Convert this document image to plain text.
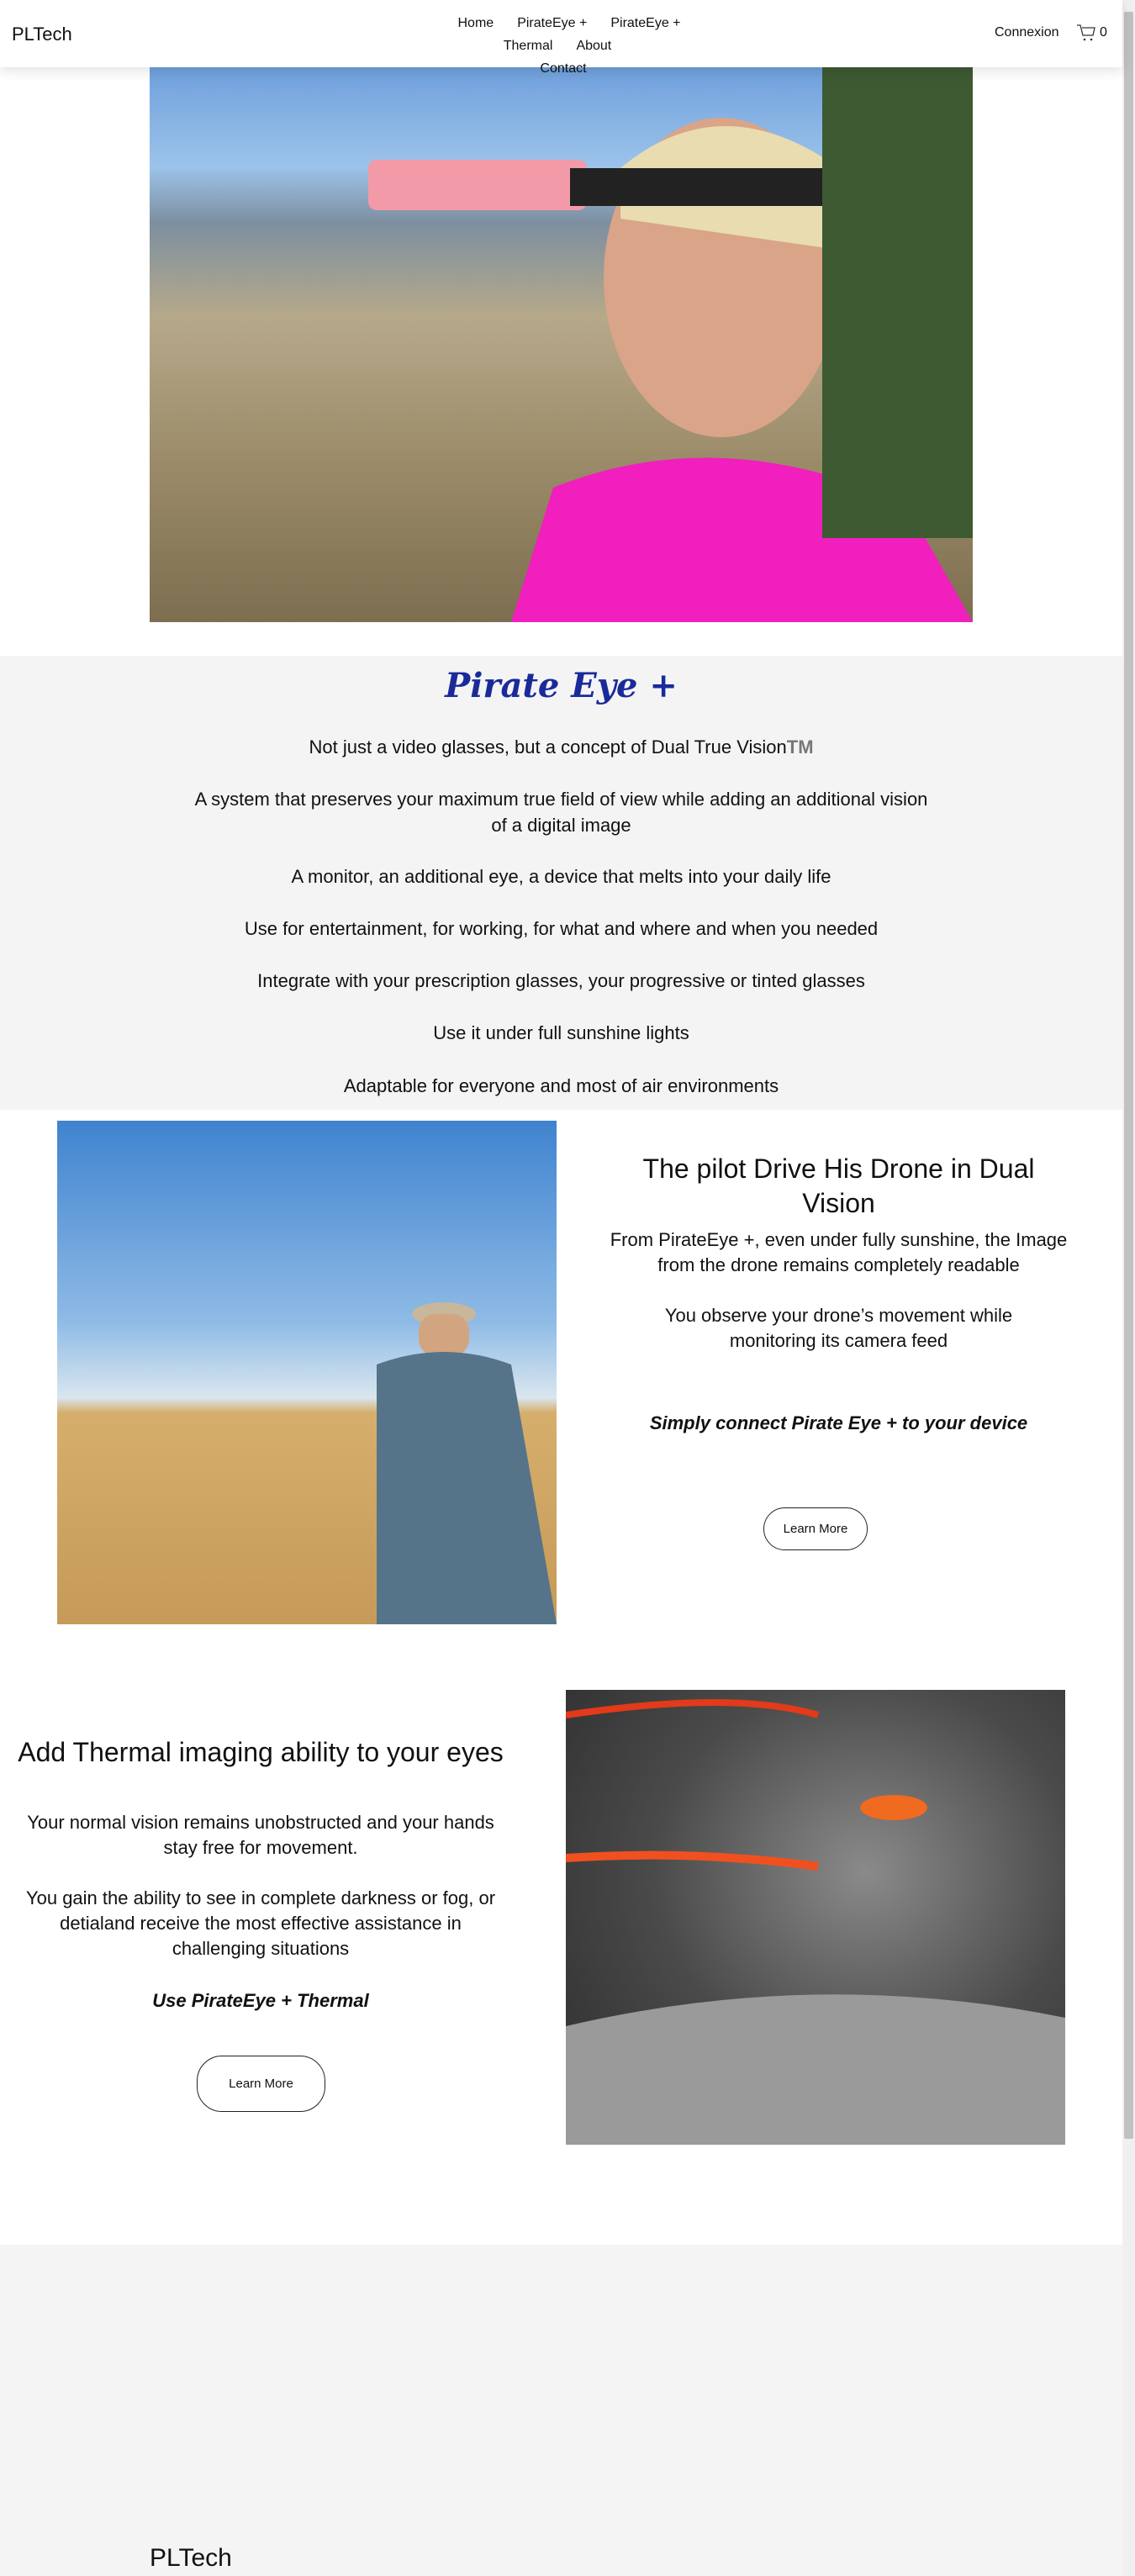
PLTech
Home PirateEye + PirateEye + Thermal About
Contact
Connexion	0
Pirate Eye +
Not just a video glasses, but a concept of Dual True VisionTM
A system that preserves your maximum true field of view while adding an additional vision of a digital image
A monitor, an additional eye, a device that melts into your daily life
Use for entertainment, for working, for what and where and when you needed
Integrate with your prescription glasses, your progressive or tinted glasses
Use it under full sunshine lights
Adaptable for everyone and most of air environments
The pilot Drive His Drone in Dual Vision
From PirateEye +, even under fully sunshine, the Image from the drone remains completely readable
You observe your drone’s movement while monitoring its camera feed
Simply connect Pirate Eye + to your device
Learn More
Add Thermal imaging ability to your eyes
Your normal vision remains unobstructed and your hands stay free for movement.
You gain the ability to see in complete darkness or fog, or detialand receive the most effective assistance in challenging situations
Use PirateEye + Thermal
Learn More
PLTech
